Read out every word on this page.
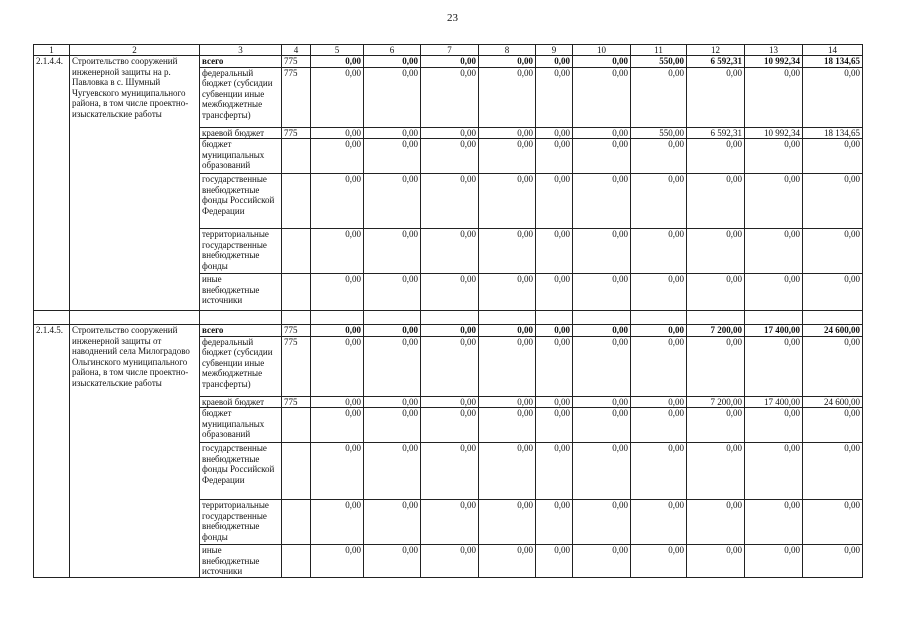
23
1	2	3	4	5	6	7	8	9	10	11	12	13	14
2.1.4.4.	Строительство сооружений инженерной защиты на р. Павловка в с. Шумный Чугуевского муниципального района, в том числе проектно-изыскательские работы	всего	775	0,00	0,00	0,00	0,00	0,00	0,00	550,00	6 592,31	10 992,34	18 134,65
		федеральный бюджет (субсидии субвенции иные межбюджетные трансферты)	775	0,00	0,00	0,00	0,00	0,00	0,00	0,00	0,00	0,00	0,00
		краевой бюджет	775	0,00	0,00	0,00	0,00	0,00	0,00	550,00	6 592,31	10 992,34	18 134,65
		бюджет муниципальных образований		0,00	0,00	0,00	0,00	0,00	0,00	0,00	0,00	0,00	0,00
		государственные внебюджетные фонды Российской Федерации		0,00	0,00	0,00	0,00	0,00	0,00	0,00	0,00	0,00	0,00
		территориальные государственные внебюджетные фонды		0,00	0,00	0,00	0,00	0,00	0,00	0,00	0,00	0,00	0,00
		иные внебюджетные источники		0,00	0,00	0,00	0,00	0,00	0,00	0,00	0,00	0,00	0,00

2.1.4.5.	Строительство сооружений инженерной защиты от наводнений села Милоградово Ольгинского муниципального района, в том числе проектно-изыскательские работы	всего	775	0,00	0,00	0,00	0,00	0,00	0,00	0,00	7 200,00	17 400,00	24 600,00
		федеральный бюджет (субсидии субвенции иные межбюджетные трансферты)	775	0,00	0,00	0,00	0,00	0,00	0,00	0,00	0,00	0,00	0,00
		краевой бюджет	775	0,00	0,00	0,00	0,00	0,00	0,00	0,00	7 200,00	17 400,00	24 600,00
		бюджет муниципальных образований		0,00	0,00	0,00	0,00	0,00	0,00	0,00	0,00	0,00	0,00
		государственные внебюджетные фонды Российской Федерации		0,00	0,00	0,00	0,00	0,00	0,00	0,00	0,00	0,00	0,00
		территориальные государственные внебюджетные фонды		0,00	0,00	0,00	0,00	0,00	0,00	0,00	0,00	0,00	0,00
		иные внебюджетные источники		0,00	0,00	0,00	0,00	0,00	0,00	0,00	0,00	0,00	0,00
